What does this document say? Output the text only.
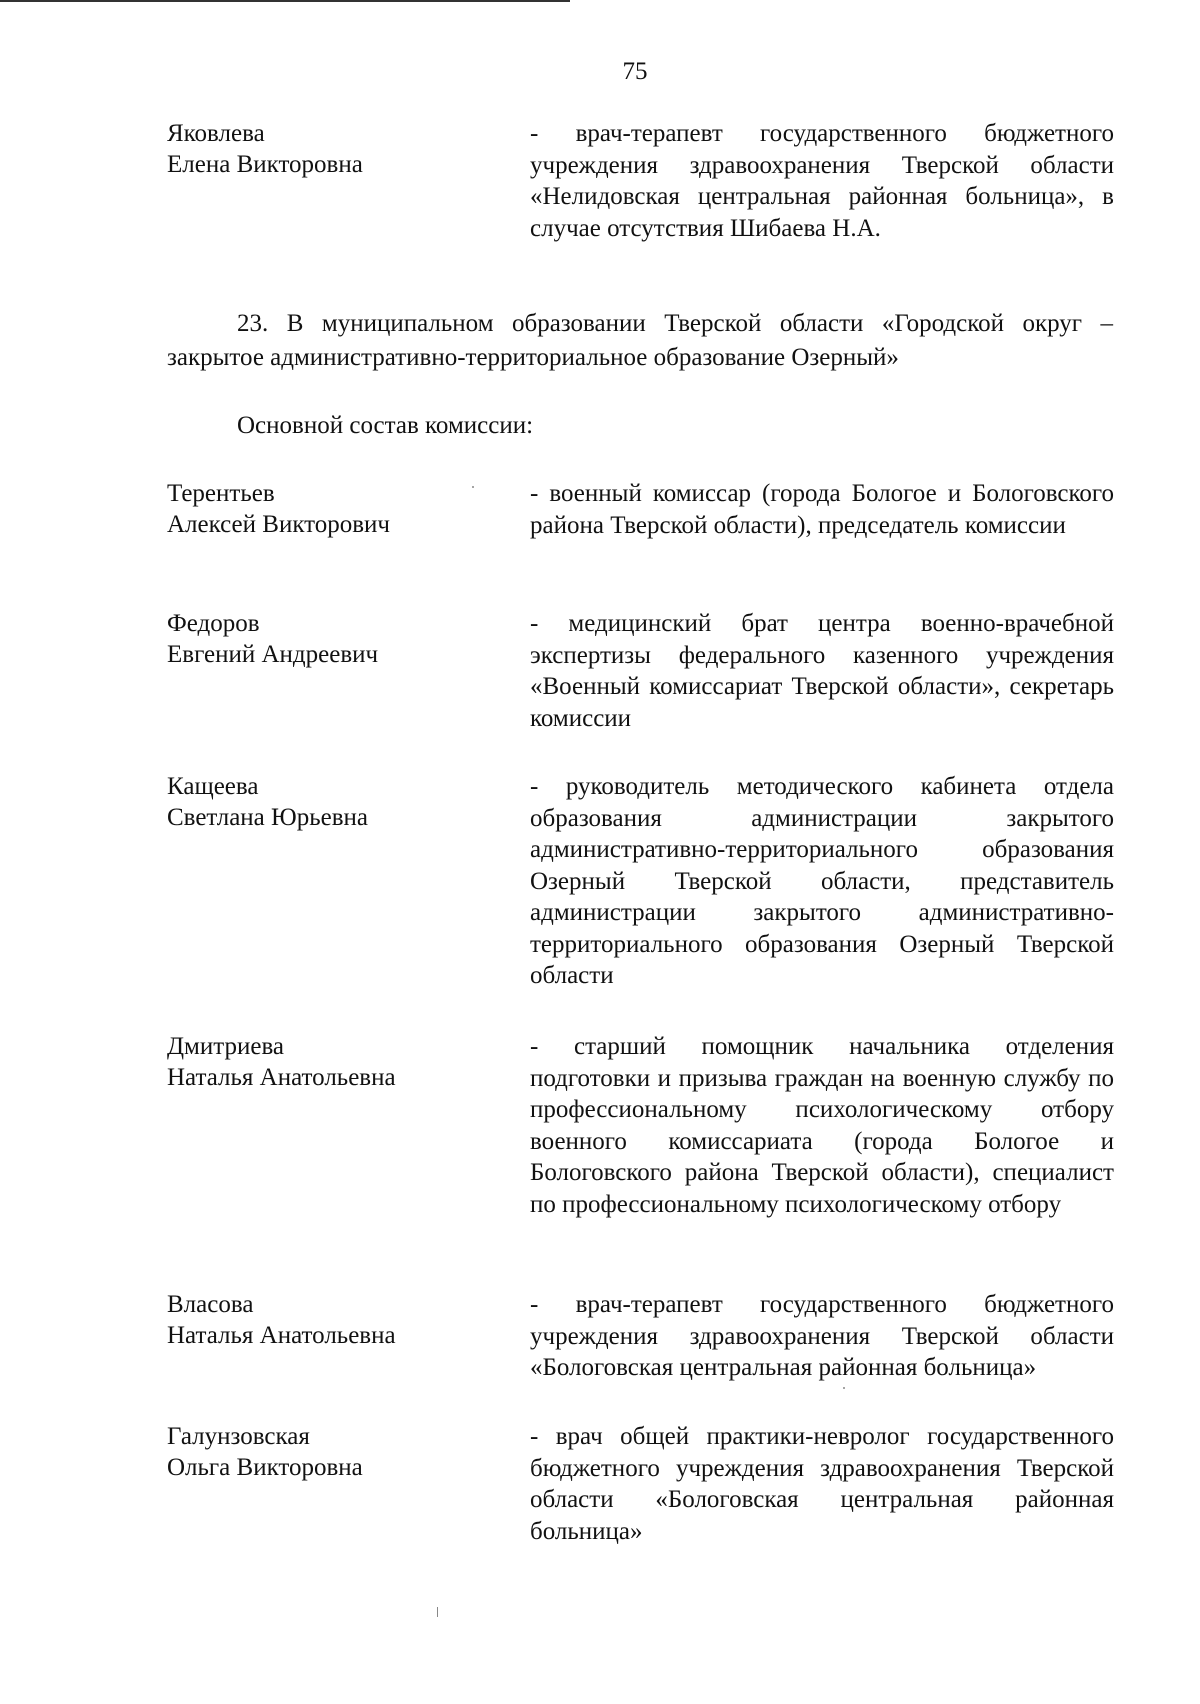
75
Яковлева
Елена Викторовна
- врач-терапевт государственного бюджетного учреждения здравоохранения Тверской области «Нелидовская центральная районная больница», в случае отсутствия Шибаева Н.А.
23. В муниципальном образовании Тверской области «Городской округ – закрытое административно-территориальное образование Озерный»
Основной состав комиссии:
Терентьев
Алексей Викторович
- военный комиссар (города Бологое и Бологовского района Тверской области), председатель комиссии
Федоров
Евгений Андреевич
- медицинский брат центра военно-врачебной экспертизы федерального казенного учреждения «Военный комиссариат Тверской области», секретарь комиссии
Кащеева
Светлана Юрьевна
- руководитель методического кабинета отдела образования администрации закрытого административно-территориального образования Озерный Тверской области, представитель администрации закрытого административно-территориального образования Озерный Тверской области
Дмитриева
Наталья Анатольевна
- старший помощник начальника отделения подготовки и призыва граждан на военную службу по профессиональному психологическому отбору военного комиссариата (города Бологое и Бологовского района Тверской области), специалист по профессиональному психологическому отбору
Власова
Наталья Анатольевна
- врач-терапевт государственного бюджетного учреждения здравоохранения Тверской области «Бологовская центральная районная больница»
Галунзовская
Ольга Викторовна
- врач общей практики-невролог государственного бюджетного учреждения здравоохранения Тверской области «Бологовская центральная районная больница»
